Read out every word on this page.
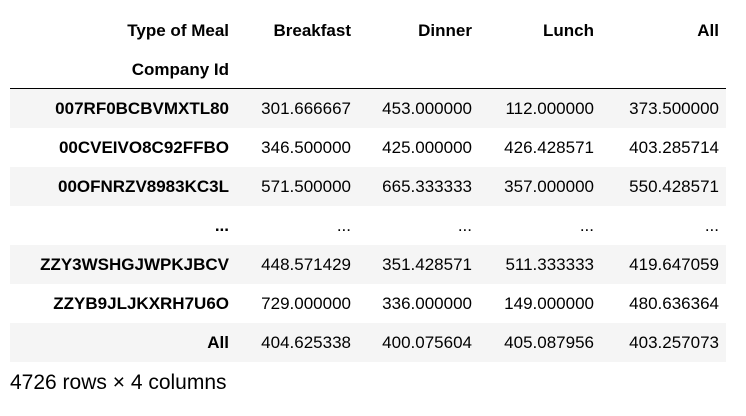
Type of Meal	Breakfast	Dinner	Lunch	All
Company Id				
007RF0BCBVMXTL80	301.666667	453.000000	112.000000	373.500000
00CVEIVO8C92FFBO	346.500000	425.000000	426.428571	403.285714
00OFNRZV8983KC3L	571.500000	665.333333	357.000000	550.428571
...	...	...	...	...
ZZY3WSHGJWPKJBCV	448.571429	351.428571	511.333333	419.647059
ZZYB9JLJKXRH7U6O	729.000000	336.000000	149.000000	480.636364
All	404.625338	400.075604	405.087956	403.257073
4726 rows × 4 columns
